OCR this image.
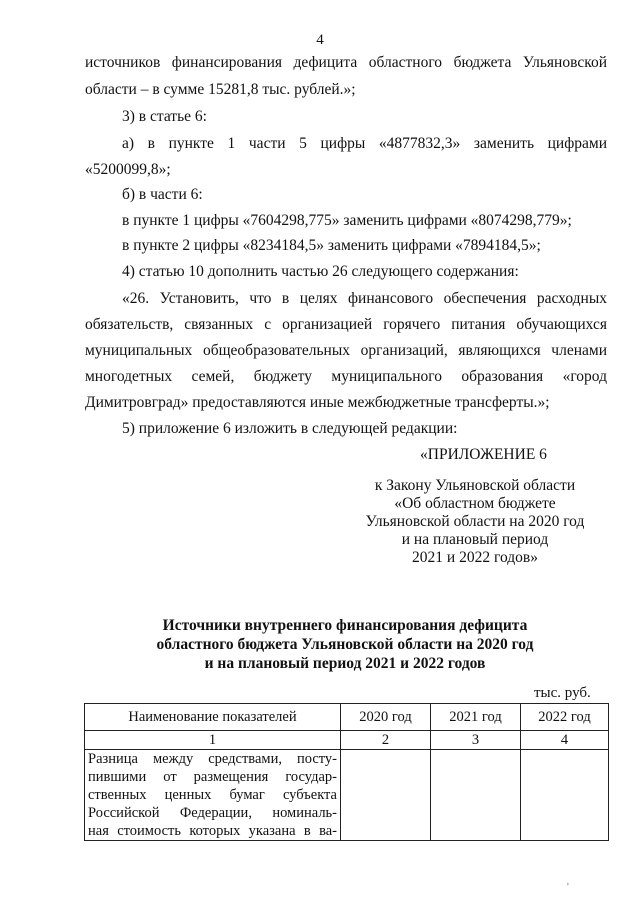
4

источников финансирования дефицита областного бюджета Ульяновской

области – в сумме 15281,8 тыс. рублей.»;

3) в статье 6:

а) в пункте 1 части 5 цифры «4877832,3» заменить цифрами

«5200099,8»;

б) в части 6:

в пункте 1 цифры «7604298,775» заменить цифрами «8074298,779»;

в пункте 2 цифры «8234184,5» заменить цифрами «7894184,5»;

4) статью 10 дополнить частью 26 следующего содержания:

«26. Установить, что в целях финансового обеспечения расходных

обязательств, связанных с организацией горячего питания обучающихся

муниципальных общеобразовательных организаций, являющихся членами

многодетных семей, бюджету муниципального образования «город

Димитровград» предоставляются иные межбюджетные трансферты.»;

5) приложение 6 изложить в следующей редакции:

«ПРИЛОЖЕНИЕ 6
к Закону Ульяновской области
«Об областном бюджете
Ульяновской области на 2020 год
и на плановый период
2021 и 2022 годов»
Источники внутреннего финансирования дефицита
областного бюджета Ульяновской области на 2020 год
и на плановый период 2021 и 2022 годов
тыс. руб.
Наименование показателей	2020 год	2021 год	2022 год
1	2	3	4

Разница между средствами, посту-
пившими от размещения государ-
ственных ценных бумаг субъекта
Российской Федерации, номиналь-
ная стоимость которых указана в ва-			

'
